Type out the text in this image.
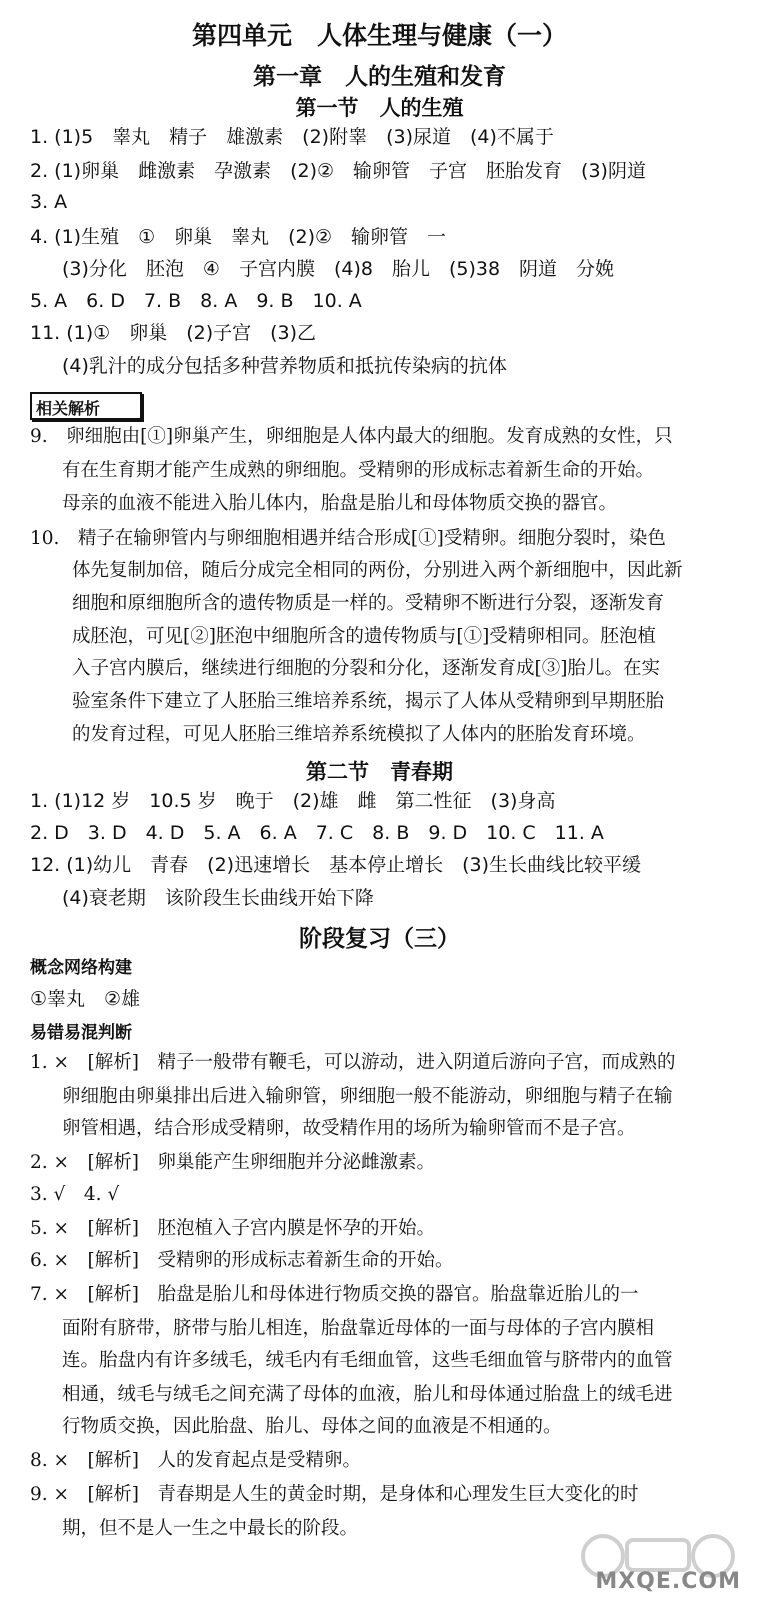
第四单元　人体生理与健康（一）
第一章　人的生殖和发育
第一节　人的生殖
1. (1)5　睾丸　精子　雄激素　(2)附睾　(3)尿道　(4)不属于
2. (1)卵巢　雌激素　孕激素　(2)②　输卵管　子宫　胚胎发育　(3)阴道
3. A
4. (1)生殖　①　卵巢　睾丸　(2)②　输卵管　一
(3)分化　胚泡　④　子宫内膜　(4)8　胎儿　(5)38　阴道　分娩
5. A　6. D　7. B　8. A　9. B　10. A
11. (1)①　卵巢　(2)子宫　(3)乙
(4)乳汁的成分包括多种营养物质和抵抗传染病的抗体
相关解析
9.　卵细胞由[①]卵巢产生，卵细胞是人体内最大的细胞。发育成熟的女性，只
有在生育期才能产生成熟的卵细胞。受精卵的形成标志着新生命的开始。
母亲的血液不能进入胎儿体内，胎盘是胎儿和母体物质交换的器官。
10.　精子在输卵管内与卵细胞相遇并结合形成[①]受精卵。细胞分裂时，染色
体先复制加倍，随后分成完全相同的两份，分别进入两个新细胞中，因此新
细胞和原细胞所含的遗传物质是一样的。受精卵不断进行分裂，逐渐发育
成胚泡，可见[②]胚泡中细胞所含的遗传物质与[①]受精卵相同。胚泡植
入子宫内膜后，继续进行细胞的分裂和分化，逐渐发育成[③]胎儿。在实
验室条件下建立了人胚胎三维培养系统，揭示了人体从受精卵到早期胚胎
的发育过程，可见人胚胎三维培养系统模拟了人体内的胚胎发育环境。
第二节　青春期
1. (1)12 岁　10.5 岁　晚于　(2)雄　雌　第二性征　(3)身高
2. D　3. D　4. D　5. A　6. A　7. C　8. B　9. D　10. C　11. A
12. (1)幼儿　青春　(2)迅速增长　基本停止增长　(3)生长曲线比较平缓
(4)衰老期　该阶段生长曲线开始下降
阶段复习（三）
概念网络构建
①睾丸　②雄
易错易混判断
1. ×　[解析]　精子一般带有鞭毛，可以游动，进入阴道后游向子宫，而成熟的
卵细胞由卵巢排出后进入输卵管，卵细胞一般不能游动，卵细胞与精子在输
卵管相遇，结合形成受精卵，故受精作用的场所为输卵管而不是子宫。
2. ×　[解析]　卵巢能产生卵细胞并分泌雌激素。
3. √　4. √
5. ×　[解析]　胚泡植入子宫内膜是怀孕的开始。
6. ×　[解析]　受精卵的形成标志着新生命的开始。
7. ×　[解析]　胎盘是胎儿和母体进行物质交换的器官。胎盘靠近胎儿的一
面附有脐带，脐带与胎儿相连，胎盘靠近母体的一面与母体的子宫内膜相
连。胎盘内有许多绒毛，绒毛内有毛细血管，这些毛细血管与脐带内的血管
相通，绒毛与绒毛之间充满了母体的血液，胎儿和母体通过胎盘上的绒毛进
行物质交换，因此胎盘、胎儿、母体之间的血液是不相通的。
8. ×　[解析]　人的发育起点是受精卵。
9. ×　[解析]　青春期是人生的黄金时期，是身体和心理发生巨大变化的时
期，但不是人一生之中最长的阶段。
MXQE.COM
